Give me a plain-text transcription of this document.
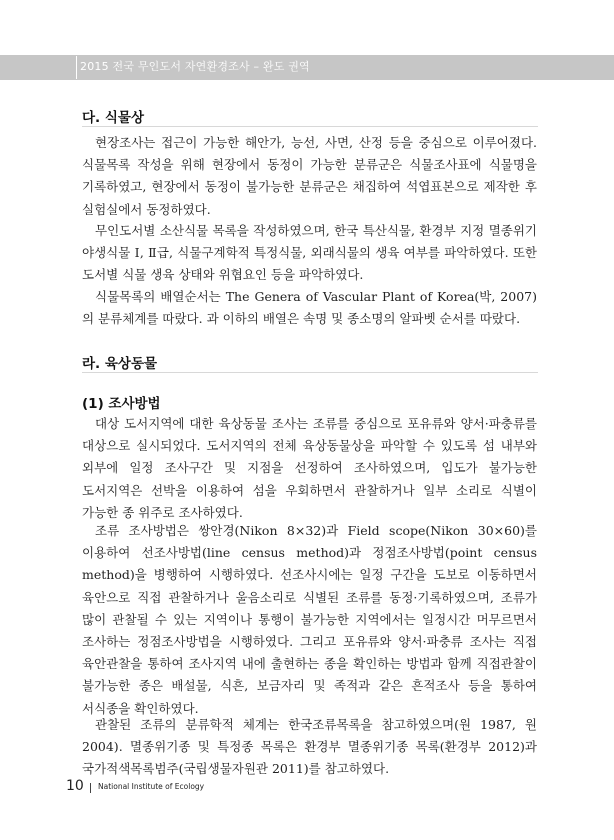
2015 전국 무인도서 자연환경조사 – 완도 권역
다. 식물상

현장조사는 접근이 가능한 해안가, 능선, 사면, 산정 등을 중심으로 이루어졌다. 식물목록 작성을 위해 현장에서 동정이 가능한 분류군은 식물조사표에 식물명을 기록하였고, 현장에서 동정이 불가능한 분류군은 채집하여 석엽표본으로 제작한 후 실험실에서 동정하였다.

무인도서별 소산식물 목록을 작성하였으며, 한국 특산식물, 환경부 지정 멸종위기 야생식물 Ⅰ, Ⅱ급, 식물구계학적 특정식물, 외래식물의 생육 여부를 파악하였다. 또한 도서별 식물 생육 상태와 위협요인 등을 파악하였다.

식물목록의 배열순서는 The Genera of Vascular Plant of Korea(박, 2007)의 분류체계를 따랐다. 과 이하의 배열은 속명 및 종소명의 알파벳 순서를 따랐다.

라. 육상동물
(1) 조사방법

대상 도서지역에 대한 육상동물 조사는 조류를 중심으로 포유류와 양서·파충류를 대상으로 실시되었다. 도서지역의 전체 육상동물상을 파악할 수 있도록 섬 내부와 외부에 일정 조사구간 및 지점을 선정하여 조사하였으며, 입도가 불가능한 도서지역은 선박을 이용하여 섬을 우회하면서 관찰하거나 일부 소리로 식별이 가능한 종 위주로 조사하였다.

조류 조사방법은 쌍안경(Nikon 8×32)과 Field scope(Nikon 30×60)를 이용하여 선조사방법(line census method)과 정점조사방법(point census method)을 병행하여 시행하였다. 선조사시에는 일정 구간을 도보로 이동하면서 육안으로 직접 관찰하거나 울음소리로 식별된 조류를 동정·기록하였으며, 조류가 많이 관찰될 수 있는 지역이나 통행이 불가능한 지역에서는 일정시간 머무르면서 조사하는 정점조사방법을 시행하였다. 그리고 포유류와 양서·파충류 조사는 직접 육안관찰을 통하여 조사지역 내에 출현하는 종을 확인하는 방법과 함께 직접관찰이 불가능한 종은 배설물, 식흔, 보금자리 및 족적과 같은 흔적조사 등을 통하여 서식종을 확인하였다.

관찰된 조류의 분류학적 체계는 한국조류목록을 참고하였으며(원 1987, 원 2004). 멸종위기종 및 특정종 목록은 환경부 멸종위기종 목록(환경부 2012)과 국가적색목록범주(국립생물자원관 2011)를 참고하였다.

10 National Institute of Ecology
